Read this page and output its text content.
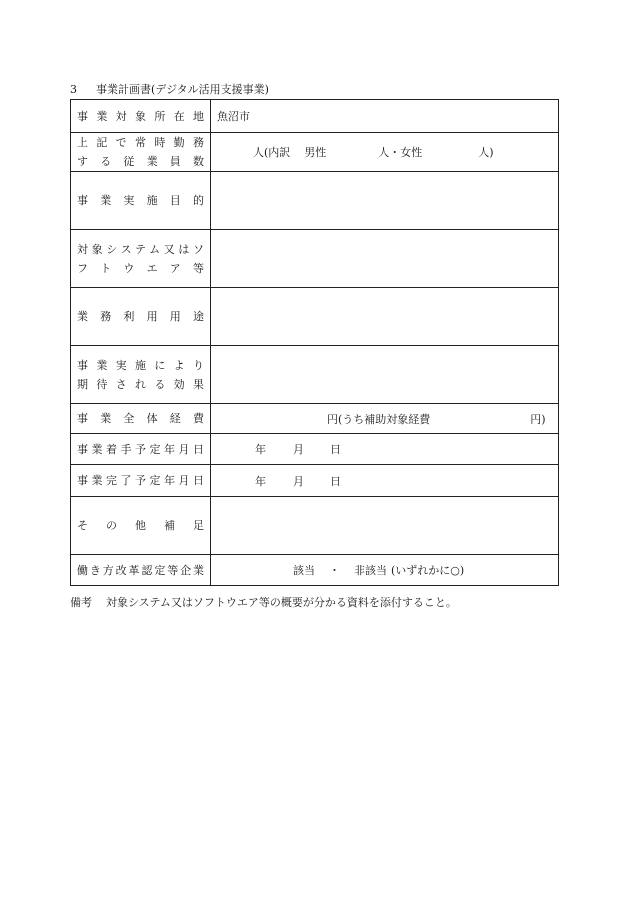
3 事業計画書(デジタル活用支援事業)
事業対象所在地	魚沼市

上記で常時勤務
する従業員数	人(内訳 男性 人・女性 人)
事業実施目的	

対象システム又はソ
フトウエア等	

業務利用用途	

事業実施により
期待される効果	

事業全体経費	円(うち補助対象経費 円)
事業着手予定年月日	年 月 日
事業完了予定年月日	年 月 日
その他補足	
働き方改革認定等企業	該当 ・ 非該当 (いずれかに○)
備考 対象システム又はソフトウエア等の概要が分かる資料を添付すること。
